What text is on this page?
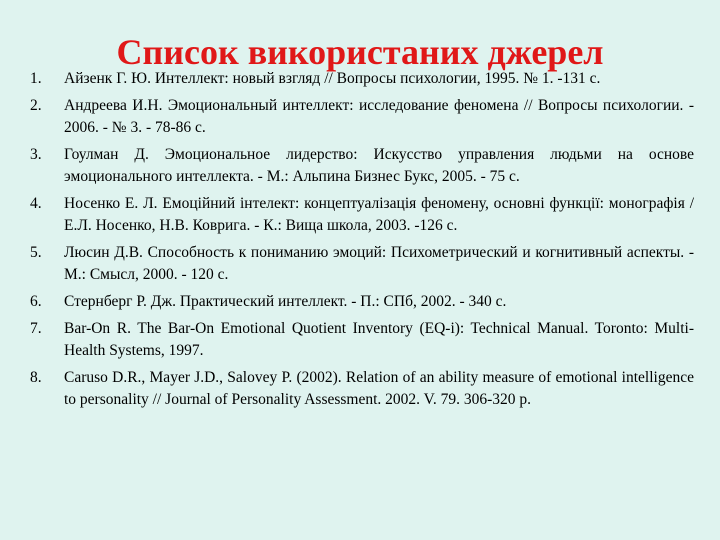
Список використаних джерел
1.	Айзенк Г. Ю. Интеллект: новый взгляд // Вопросы психологии, 1995. № 1. -131 с.
2.	Андреева И.Н. Эмоциональный интеллект: исследование феномена // Вопросы психологии. - 2006. - № 3. - 78-86 с.
3.	Гоулман Д. Эмоциональное лидерство: Искусство управления людьми на основе эмоционального интеллекта. - М.: Альпина Бизнес Букс, 2005. - 75 с.
4.	Носенко Е. Л. Емоційний інтелект: концептуалізація феномену, основні функції: монографія / Е.Л. Носенко, Н.В. Коврига. - К.: Вища школа, 2003. -126 с.
5.	Люсин Д.В. Способность к пониманию эмоций: Психометрический и когнитивный аспекты. - М.: Смысл, 2000. - 120 с.
6.	Стернберг Р. Дж. Практический интеллект. - П.: СПб, 2002. - 340 с.
7.	Bar-On R. The Bar-On Emotional Quotient Inventory (EQ-i): Technical Manual. Toronto: Multi-Health Systems, 1997.
8.	Caruso D.R., Mayer J.D., Salovey P. (2002). Relation of an ability measure of emotional intelligence to personality // Journal of Personality Assessment. 2002. V. 79. 306-320 p.
